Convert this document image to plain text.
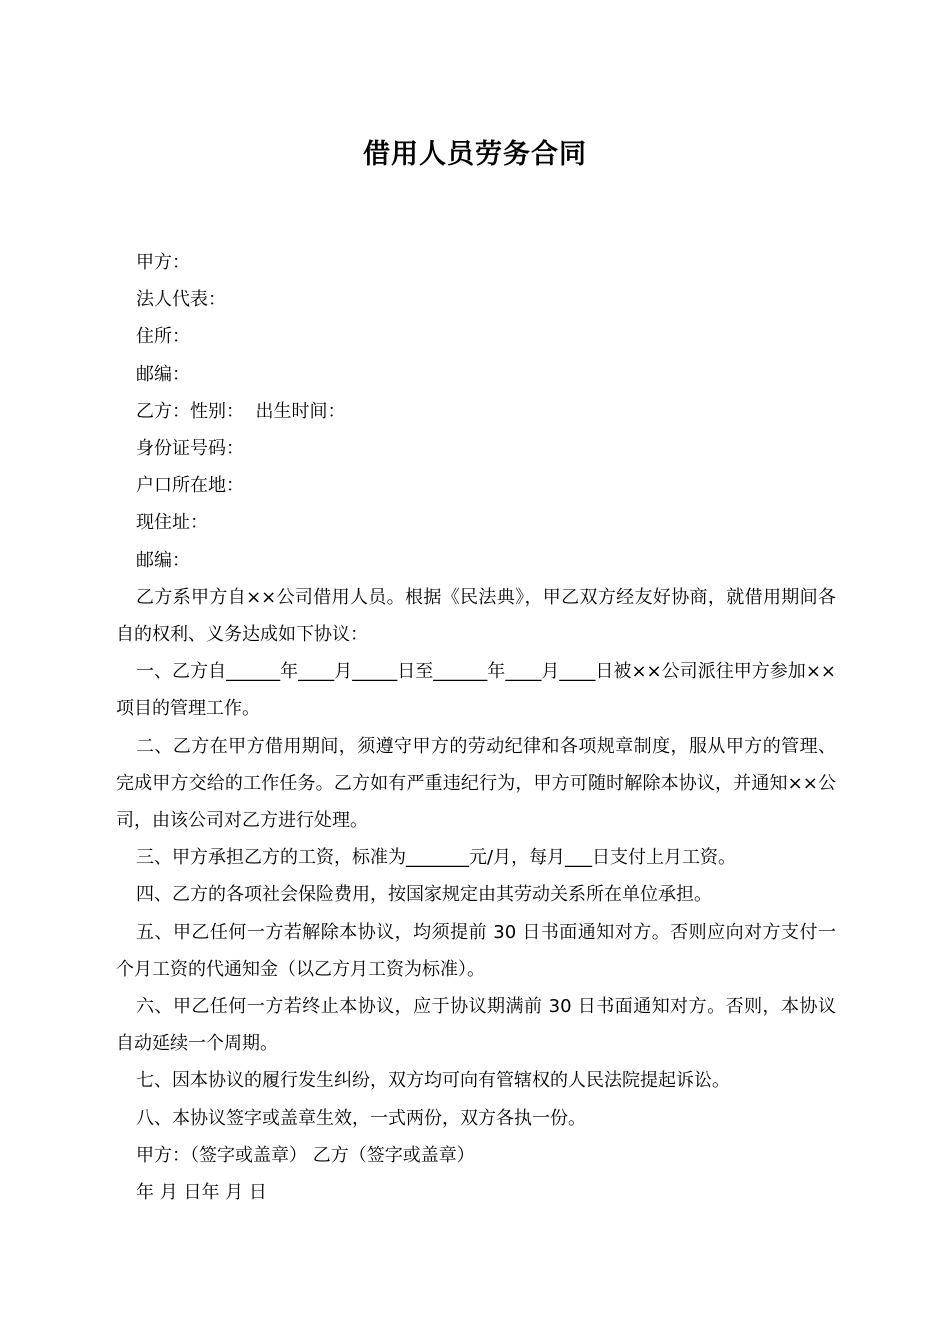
借用人员劳务合同

甲方：

法人代表：

住所：

邮编：

乙方：性别：  出生时间：

身份证号码：

户口所在地：

现住址：

邮编：

乙方系甲方自××公司借用人员。根据《民法典》，甲乙双方经友好协商，就借用期间各自的权利、义务达成如下协议：

一、乙方自______年____月_____日至______年____月____日被××公司派往甲方参加××项目的管理工作。

二、乙方在甲方借用期间，须遵守甲方的劳动纪律和各项规章制度，服从甲方的管理、完成甲方交给的工作任务。乙方如有严重违纪行为，甲方可随时解除本协议，并通知××公司，由该公司对乙方进行处理。

三、甲方承担乙方的工资，标准为_______元/月，每月___日支付上月工资。

四、乙方的各项社会保险费用，按国家规定由其劳动关系所在单位承担。

五、甲乙任何一方若解除本协议，均须提前 30 日书面通知对方。否则应向对方支付一个月工资的代通知金（以乙方月工资为标准）。

六、甲乙任何一方若终止本协议，应于协议期满前 30 日书面通知对方。否则，本协议自动延续一个周期。

七、因本协议的履行发生纠纷，双方均可向有管辖权的人民法院提起诉讼。

八、本协议签字或盖章生效，一式两份，双方各执一份。

甲方：（签字或盖章） 乙方（签字或盖章）

年 月 日年 月 日
